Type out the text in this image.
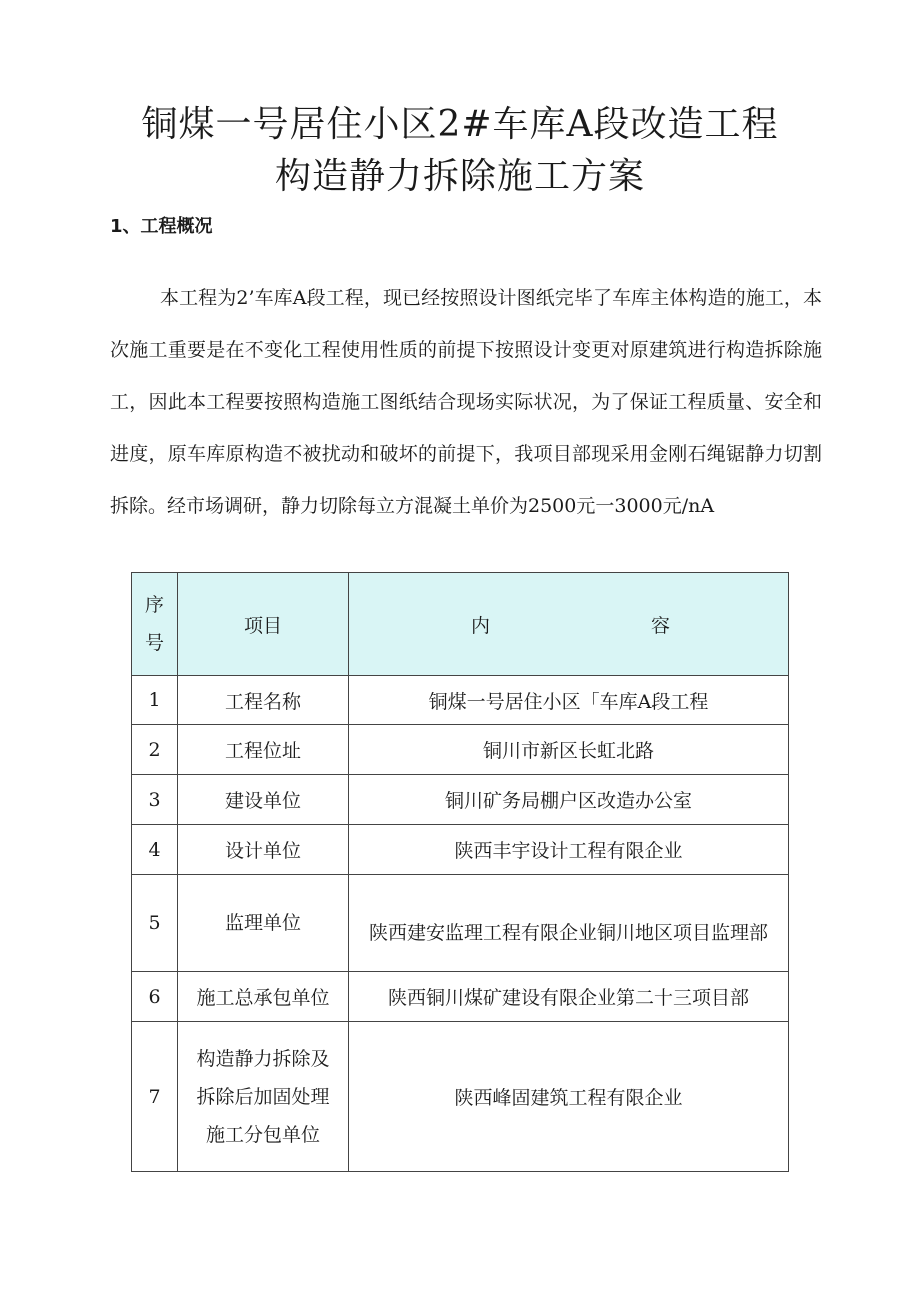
铜煤一号居住小区2#车库A段改造工程
构造静力拆除施工方案
1、工程概况

本工程为2’车库A段工程，现已经按照设计图纸完毕了车库主体构造的施工，本次施工重要是在不变化工程使用性质的前提下按照设计变更对原建筑进行构造拆除施工，因此本工程要按照构造施工图纸结合现场实际状况，为了保证工程质量、安全和进度，原车库原构造不被扰动和破坏的前提下，我项目部现采用金刚石绳锯静力切割拆除。经市场调研，静力切除每立方混凝土单价为2500元一3000元/nA

序号	项目	内 容

1	工程名称	铜煤一号居住小区「车库A段工程
2	工程位址	铜川市新区长虹北路
3	建设单位	铜川矿务局棚户区改造办公室
4	设计单位	陕西丰宇设计工程有限企业
5	监理单位	陕西建安监理工程有限企业铜川地区项目监理部
6	施工总承包单位	陕西铜川煤矿建设有限企业第二十三项目部
7	构造静力拆除及
拆除后加固处理
施工分包单位	陕西峰固建筑工程有限企业
